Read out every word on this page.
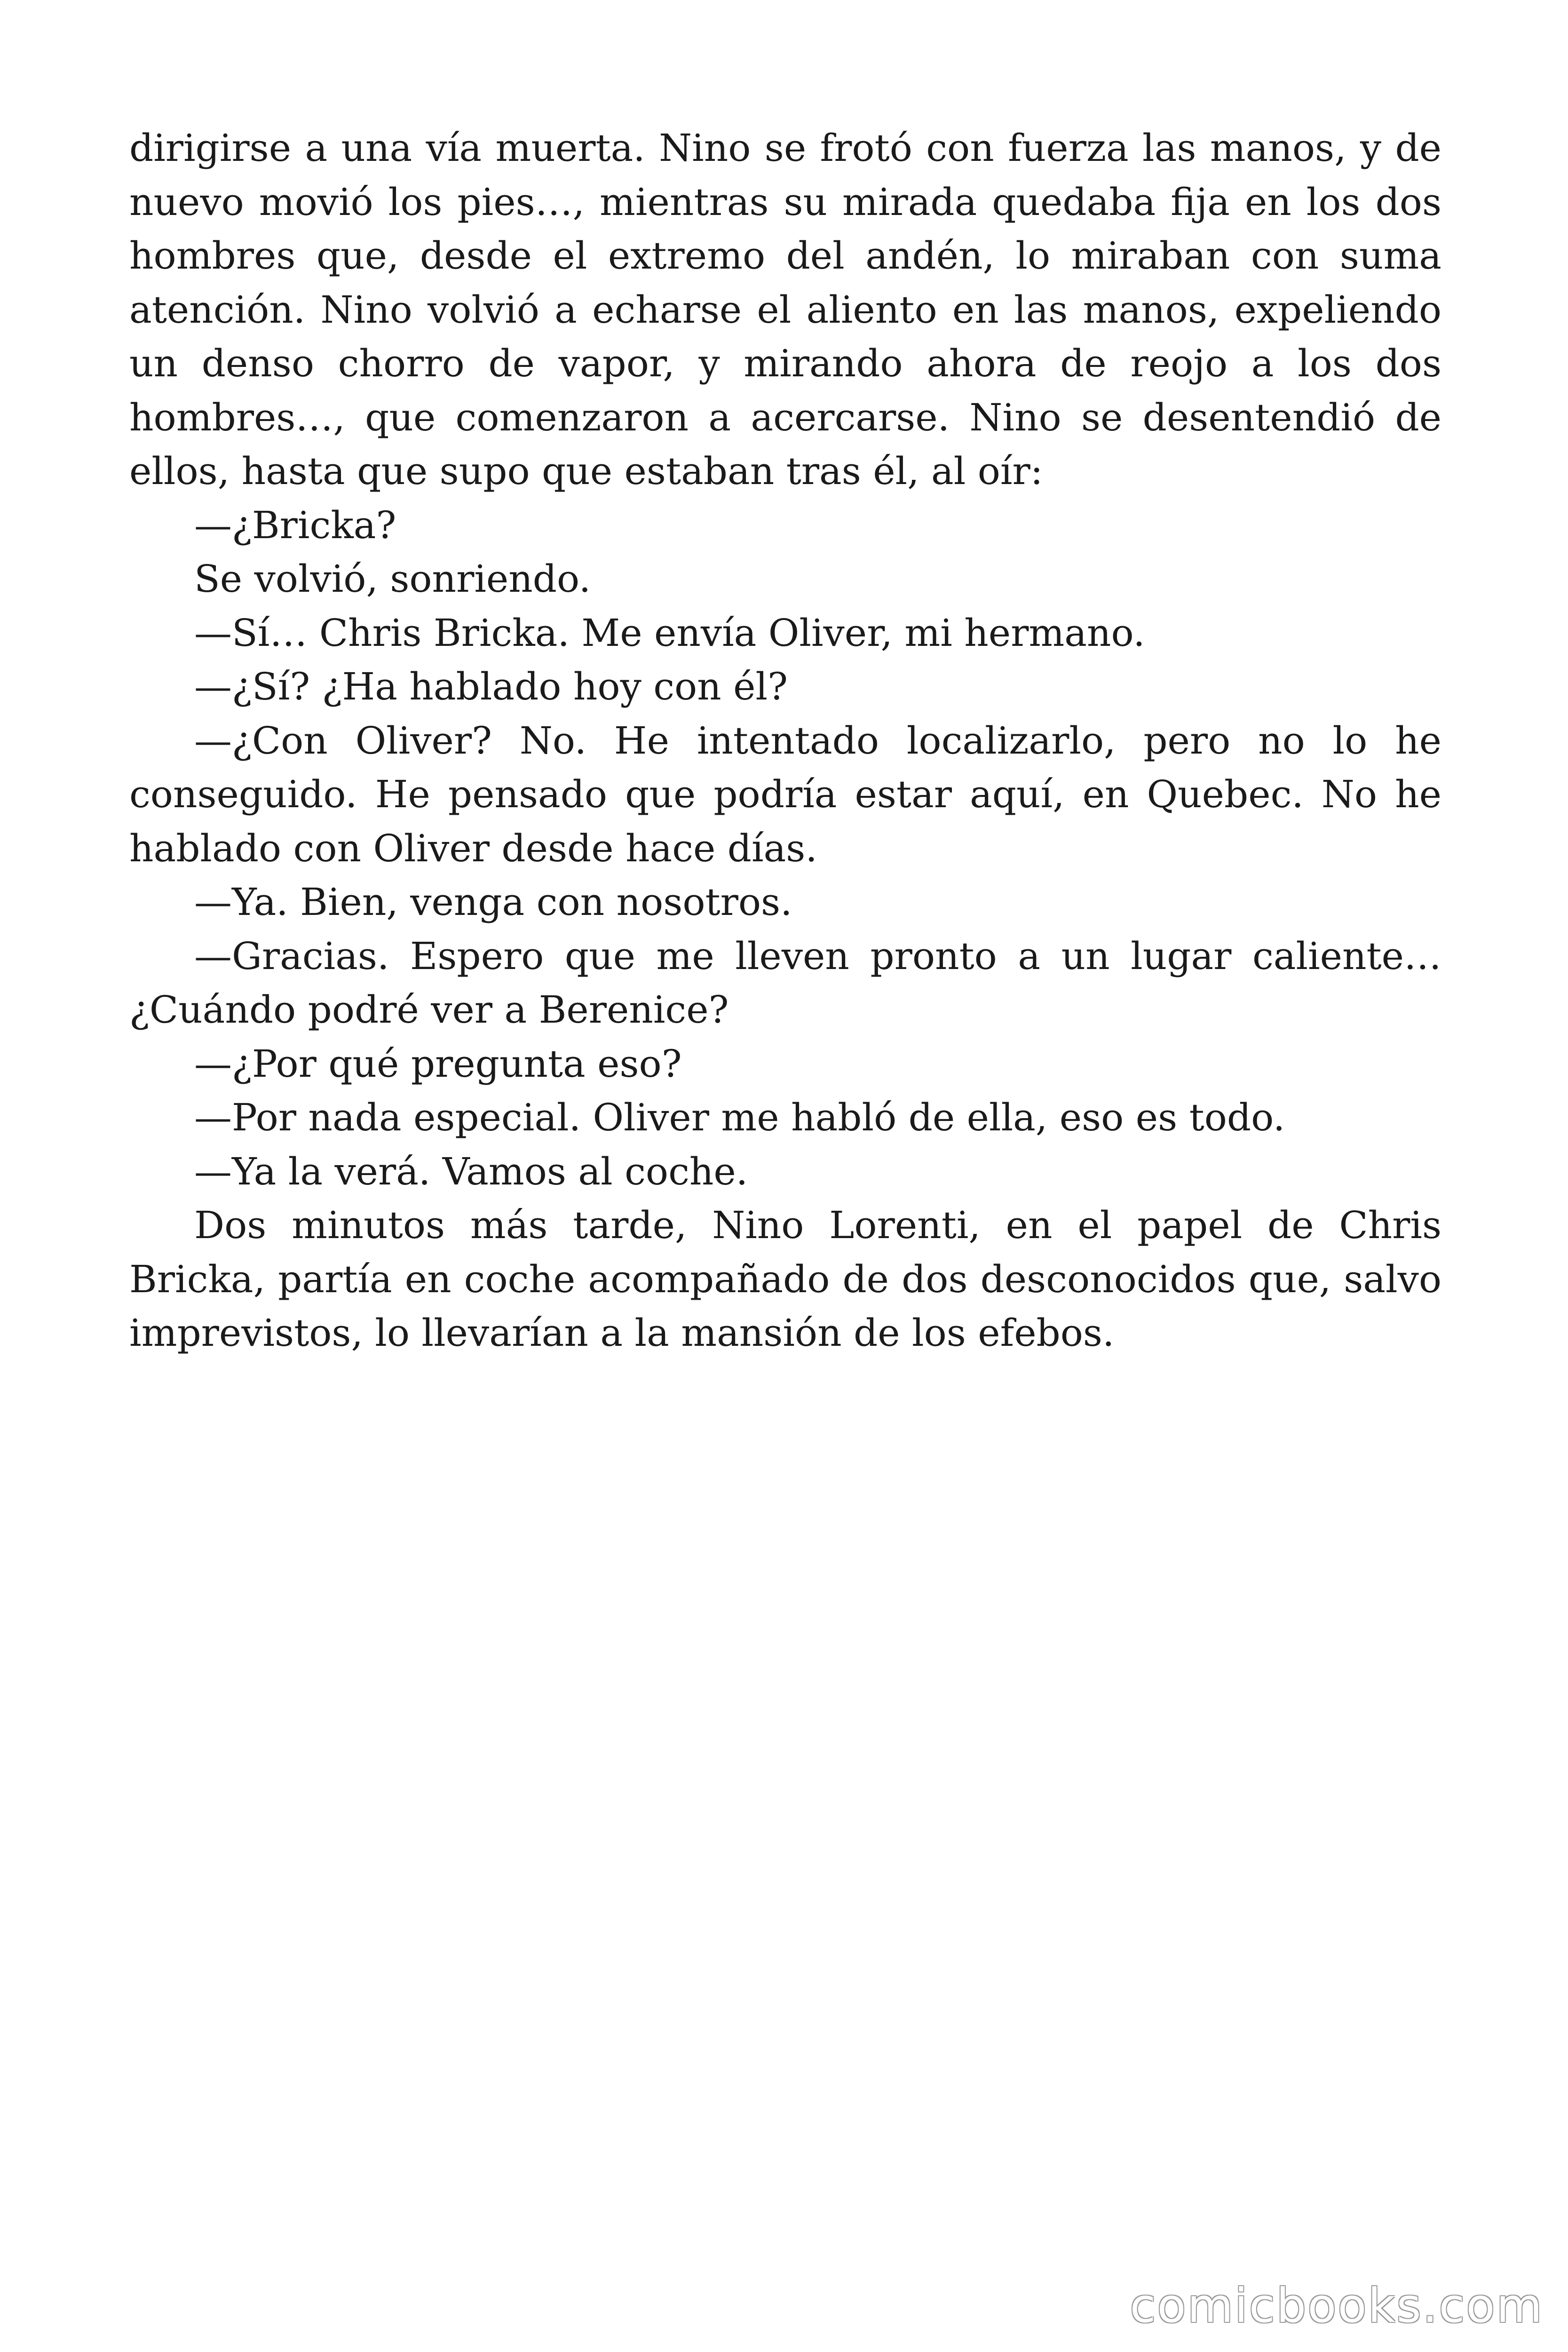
dirigirse a una vía muerta. Nino se frotó con fuerza las manos, y de nuevo movió los pies…, mientras su mirada quedaba fija en los dos hombres que, desde el extremo del andén, lo miraban con suma atención. Nino volvió a echarse el aliento en las manos, expeliendo un denso chorro de vapor, y mirando ahora de reojo a los dos hombres…, que comenzaron a acercarse. Nino se desentendió de ellos, hasta que supo que estaban tras él, al oír:

—¿Bricka?

Se volvió, sonriendo.

—Sí… Chris Bricka. Me envía Oliver, mi hermano.

—¿Sí? ¿Ha hablado hoy con él?

—¿Con Oliver? No. He intentado localizarlo, pero no lo he conseguido. He pensado que podría estar aquí, en Quebec. No he hablado con Oliver desde hace días.

—Ya. Bien, venga con nosotros.

—Gracias. Espero que me lleven pronto a un lugar caliente… ¿Cuándo podré ver a Berenice?

—¿Por qué pregunta eso?

—Por nada especial. Oliver me habló de ella, eso es todo.

—Ya la verá. Vamos al coche.

Dos minutos más tarde, Nino Lorenti, en el papel de Chris Bricka, partía en coche acompañado de dos desconocidos que, salvo imprevistos, lo llevarían a la mansión de los efebos.

comicbooks.com
